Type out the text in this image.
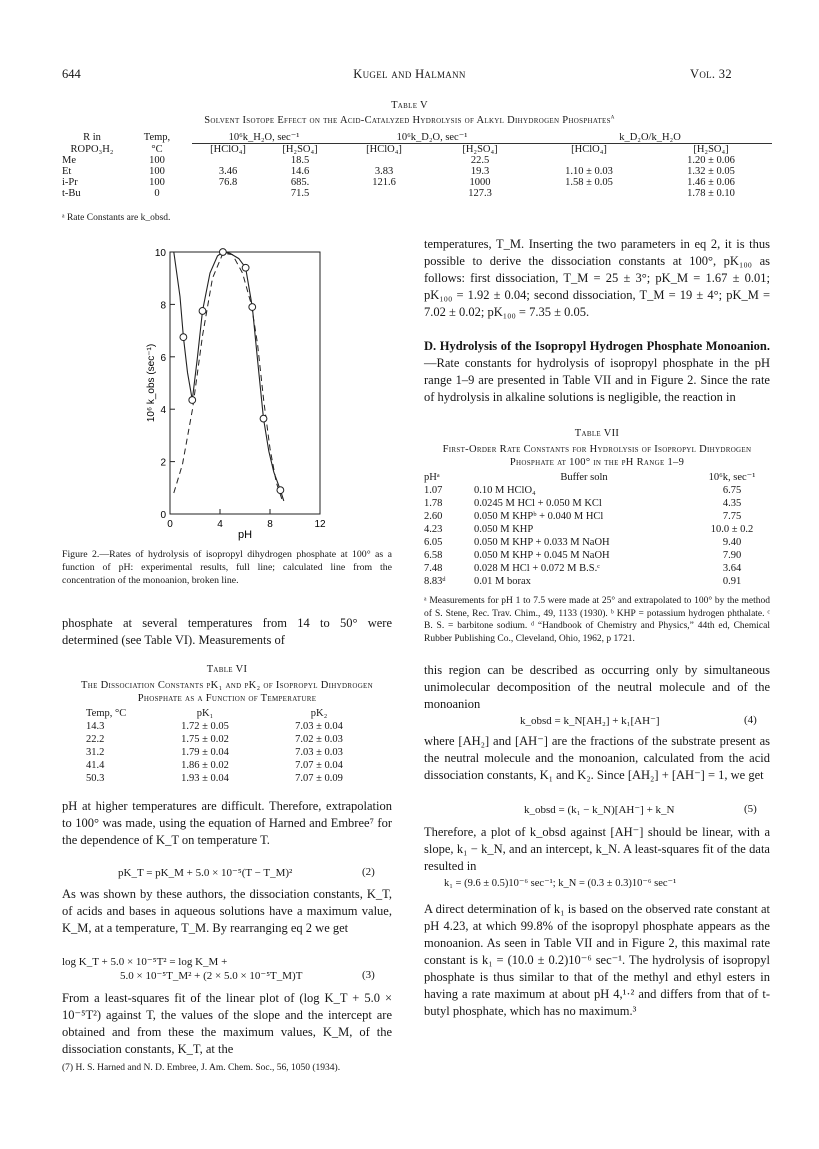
644	Kugel and Halmann	Vol. 32
Table V
Solvent Isotope Effect on the Acid-Catalyzed Hydrolysis of Alkyl Dihydrogen Phosphates$^a$
R in	Temp,	10⁶k_H₂O, sec⁻¹		10⁶k_D₂O, sec⁻¹		k_D₂O/k_H₂O	
ROPO₃H₂	°C	[HClO₄]	[H₂SO₄]	[HClO₄]	[H₂SO₄]	[HClO₄]	[H₂SO₄]
Me	100		18.5		22.5		1.20 ± 0.06
Et	100	3.46	14.6	3.83	19.3	1.10 ± 0.03	1.32 ± 0.05
i-Pr	100	76.8	685.	121.6	1000	1.58 ± 0.05	1.46 ± 0.06
t-Bu	0		71.5		127.3		1.78 ± 0.10
ᵃ Rate Constants are k_obsd.
0	4	8	12
0
2
4
6
8
10
pH
10⁶ k_obs (sec⁻¹)
Figure 2.—Rates of hydrolysis of isopropyl dihydrogen phosphate at 100° as a function of pH: experimental results, full line; calculated line from the concentration of the monoanion, broken line.
phosphate at several temperatures from 14 to 50° were determined (see Table VI). Measurements of
Table VI
The Dissociation Constants pK₁ and pK₂ of Isopropyl Dihydrogen Phosphate as a Function of Temperature
Temp, °C	pK₁	pK₂
14.3	1.72 ± 0.05	7.03 ± 0.04
22.2	1.75 ± 0.02	7.02 ± 0.03
31.2	1.79 ± 0.04	7.03 ± 0.03
41.4	1.86 ± 0.02	7.07 ± 0.04
50.3	1.93 ± 0.04	7.07 ± 0.09
pH at higher temperatures are difficult. Therefore, extrapolation to 100° was made, using the equation of Harned and Embree⁷ for the dependence of K_T on temperature T.
pK_T = pK_M + 5.0 × 10⁻⁵(T − T_M)²	(2)
As was shown by these authors, the dissociation constants, K_T, of acids and bases in aqueous solutions have a maximum value, K_M, at a temperature, T_M. By rearranging eq 2 we get
log K_T + 5.0 × 10⁻⁵T² = log K_M +
5.0 × 10⁻⁵T_M² + (2 × 5.0 × 10⁻⁵T_M)T	(3)
From a least-squares fit of the linear plot of (log K_T + 5.0 × 10⁻⁵T²) against T, the values of the slope and the intercept are obtained and from these the maximum values, K_M, of the dissociation constants, K_T, at the
(7) H. S. Harned and N. D. Embree, J. Am. Chem. Soc., 56, 1050 (1934).
temperatures, T_M. Inserting the two parameters in eq 2, it is thus possible to derive the dissociation constants at 100°, pK₁₀₀ as follows: first dissociation, T_M = 25 ± 3°; pK_M = 1.67 ± 0.01; pK₁₀₀ = 1.92 ± 0.04; second dissociation, T_M = 19 ± 4°; pK_M = 7.02 ± 0.02; pK₁₀₀ = 7.35 ± 0.05.
D. Hydrolysis of the Isopropyl Hydrogen Phosphate Monoanion.—Rate constants for hydrolysis of isopropyl phosphate in the pH range 1–9 are presented in Table VII and in Figure 2. Since the rate of hydrolysis in alkaline solutions is negligible, the reaction in
Table VII
First-Order Rate Constants for Hydrolysis of Isopropyl Dihydrogen Phosphate at 100° in the pH Range 1–9
pHᵃ	Buffer soln	10⁶k, sec⁻¹
1.07	0.10 M HClO₄	6.75
1.78	0.0245 M HCl + 0.050 M KCl	4.35
2.60	0.050 M KHPᵇ + 0.040 M HCl	7.75
4.23	0.050 M KHP	10.0 ± 0.2
6.05	0.050 M KHP + 0.033 M NaOH	9.40
6.58	0.050 M KHP + 0.045 M NaOH	7.90
7.48	0.028 M HCl + 0.072 M B.S.ᶜ	3.64
8.83ᵈ	0.01 M borax	0.91
ᵃ Measurements for pH 1 to 7.5 were made at 25° and extrapolated to 100° by the method of S. Stene, Rec. Trav. Chim., 49, 1133 (1930). ᵇ KHP = potassium hydrogen phthalate. ᶜ B. S. = barbitone sodium. ᵈ “Handbook of Chemistry and Physics,” 44th ed, Chemical Rubber Publishing Co., Cleveland, Ohio, 1962, p 1721.
this region can be described as occurring only by simultaneous unimolecular decomposition of the neutral molecule and of the monoanion
k_obsd = k_N[AH₂] + k₁[AH⁻]	(4)
where [AH₂] and [AH⁻] are the fractions of the substrate present as the neutral molecule and the monoanion, calculated from the acid dissociation constants, K₁ and K₂. Since [AH₂] + [AH⁻] = 1, we get
k_obsd = (k₁ − k_N)[AH⁻] + k_N	(5)
Therefore, a plot of k_obsd against [AH⁻] should be linear, with a slope, k₁ − k_N, and an intercept, k_N. A least-squares fit of the data resulted in
k₁ = (9.6 ± 0.5)10⁻⁶ sec⁻¹; k_N = (0.3 ± 0.3)10⁻⁶ sec⁻¹
A direct determination of k₁ is based on the observed rate constant at pH 4.23, at which 99.8% of the isopropyl phosphate appears as the monoanion. As seen in Table VII and in Figure 2, this maximal rate constant is k₁ = (10.0 ± 0.2)10⁻⁶ sec⁻¹. The hydrolysis of isopropyl phosphate is thus similar to that of the methyl and ethyl esters in having a rate maximum at about pH 4,¹·² and differs from that of t-butyl phosphate, which has no maximum.³
